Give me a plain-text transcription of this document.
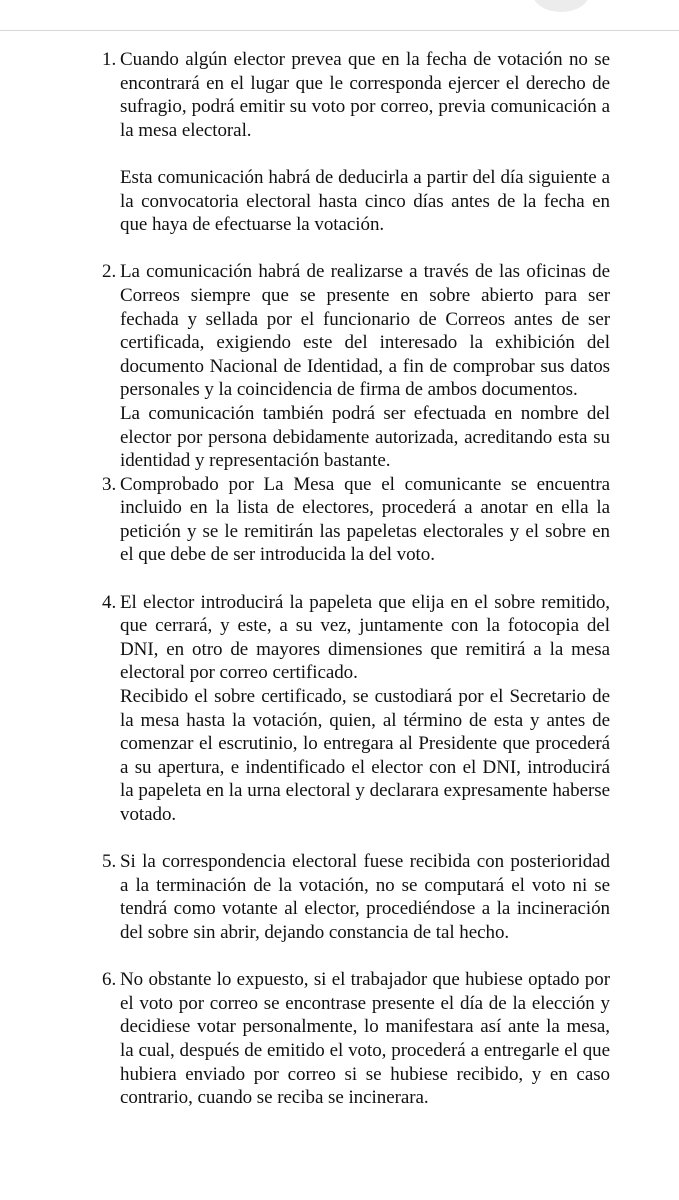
1. Cuando algún elector prevea que en la fecha de votación no se encontrará en el lugar que le corresponda ejercer el derecho de sufragio, podrá emitir su voto por correo, previa comunicación a la mesa electoral.

Esta comunicación habrá de deducirla a partir del día siguiente a la convocatoria electoral hasta cinco días antes de la fecha en que haya de efectuarse la votación.

2. La comunicación habrá de realizarse a través de las oficinas de Correos siempre que se presente en sobre abierto para ser fechada y sellada por el funcionario de Correos antes de ser certificada, exigiendo este del interesado la exhibición del documento Nacional de Identidad, a fin de comprobar sus datos personales y la coincidencia de firma de ambos documentos.

La comunicación también podrá ser efectuada en nombre del elector por persona debidamente autorizada, acreditando esta su identidad y representación bastante.

3. Comprobado por La Mesa que el comunicante se encuentra incluido en la lista de electores, procederá a anotar en ella la petición y se le remitirán las papeletas electorales y el sobre en el que debe de ser introducida la del voto.

4. El elector introducirá la papeleta que elija en el sobre remitido, que cerrará, y este, a su vez, juntamente con la fotocopia del DNI, en otro de mayores dimensiones que remitirá a la mesa electoral por correo certificado.

Recibido el sobre certificado, se custodiará por el Secretario de la mesa hasta la votación, quien, al término de esta y antes de comenzar el escrutinio, lo entregara al Presidente que procederá a su apertura, e indentificado el elector con el DNI, introducirá la papeleta en la urna electoral y declarara expresamente haberse votado.

5. Si la correspondencia electoral fuese recibida con posterioridad a la terminación de la votación, no se computará el voto ni se tendrá como votante al elector, procediéndose a la incineración del sobre sin abrir, dejando constancia de tal hecho.

6. No obstante lo expuesto, si el trabajador que hubiese optado por el voto por correo se encontrase presente el día de la elección y decidiese votar personalmente, lo manifestara así ante la mesa, la cual, después de emitido el voto, procederá a entregarle el que hubiera enviado por correo si se hubiese recibido, y en caso contrario, cuando se reciba se incinerara.
